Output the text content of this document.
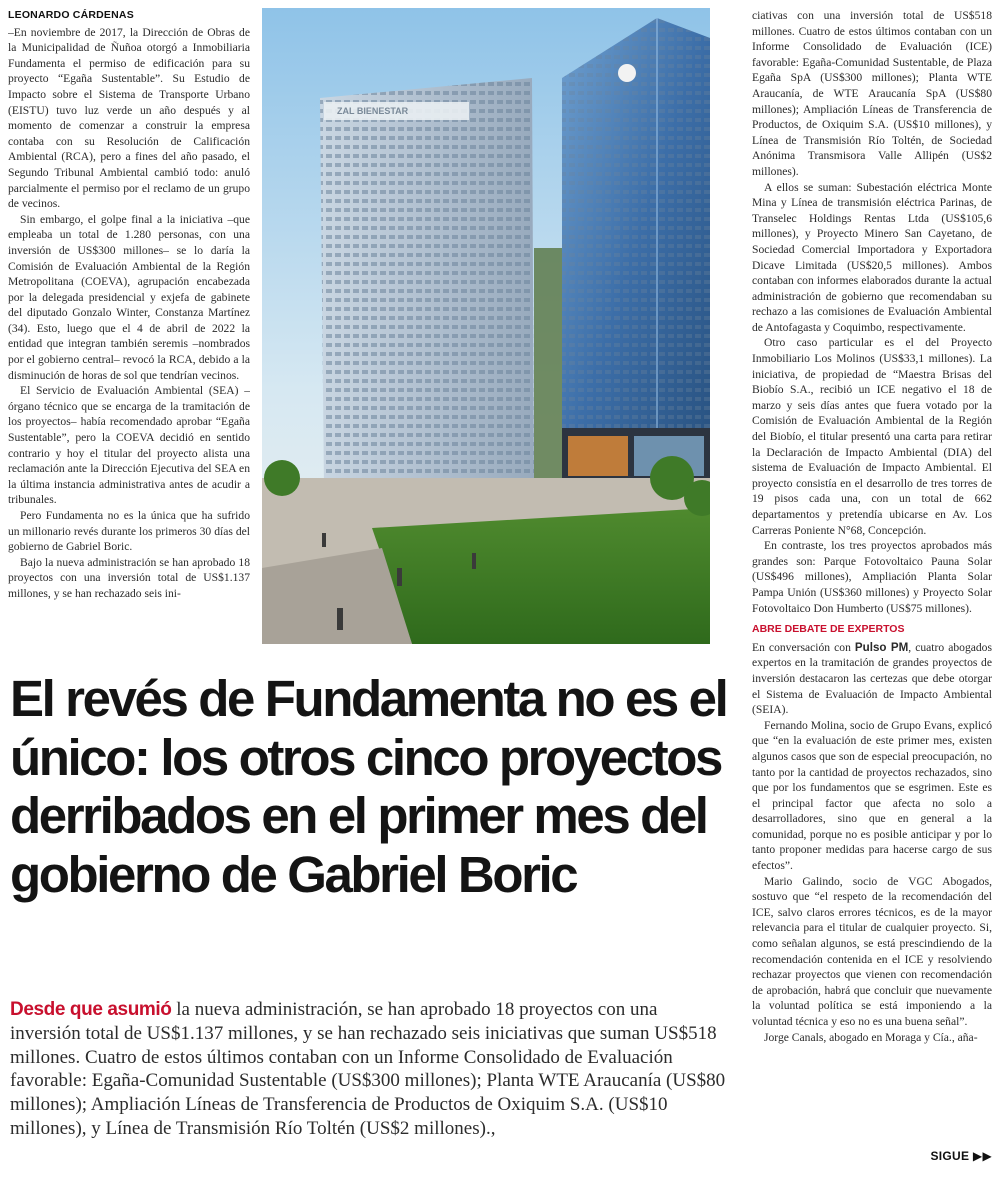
LEONARDO CÁRDENAS

–En noviembre de 2017, la Dirección de Obras de la Municipalidad de Ñuñoa otorgó a Inmobiliaria Fundamenta el permiso de edificación para su proyecto “Egaña Sustentable”. Su Estudio de Impacto sobre el Sistema de Transporte Urbano (EISTU) tuvo luz verde un año después y al momento de comenzar a construir la empresa contaba con su Resolución de Calificación Ambiental (RCA), pero a fines del año pasado, el Segundo Tribunal Ambiental cambió todo: anuló parcialmente el permiso por el reclamo de un grupo de vecinos.

Sin embargo, el golpe final a la iniciativa –que empleaba un total de 1.280 personas, con una inversión de US$300 millones– se lo daría la Comisión de Evaluación Ambiental de la Región Metropolitana (COEVA), agrupación encabezada por la delegada presidencial y exjefa de gabinete del diputado Gonzalo Winter, Constanza Martínez (34). Esto, luego que el 4 de abril de 2022 la entidad que integran también seremis –nombrados por el gobierno central– revocó la RCA, debido a la disminución de horas de sol que tendrían vecinos.

El Servicio de Evaluación Ambiental (SEA) –órgano técnico que se encarga de la tramitación de los proyectos– había recomendado aprobar “Egaña Sustentable”, pero la COEVA decidió en sentido contrario y hoy el titular del proyecto alista una reclamación ante la Dirección Ejecutiva del SEA en la última instancia administrativa antes de acudir a tribunales.

Pero Fundamenta no es la única que ha sufrido un millonario revés durante los primeros 30 días del gobierno de Gabriel Boric.

Bajo la nueva administración se han aprobado 18 proyectos con una inversión total de US$1.137 millones, y se han rechazado seis ini-

ZAL BIENESTAR

ciativas con una inversión total de US$518 millones. Cuatro de estos últimos contaban con un Informe Consolidado de Evaluación (ICE) favorable: Egaña-Comunidad Sustentable, de Plaza Egaña SpA (US$300 millones); Planta WTE Araucanía, de WTE Araucanía SpA (US$80 millones); Ampliación Líneas de Transferencia de Productos, de Oxiquim S.A. (US$10 millones), y Línea de Transmisión Río Toltén, de Sociedad Anónima Transmisora Valle Allipén (US$2 millones).

A ellos se suman: Subestación eléctrica Monte Mina y Línea de transmisión eléctrica Parinas, de Transelec Holdings Rentas Ltda (US$105,6 millones), y Proyecto Minero San Cayetano, de Sociedad Comercial Importadora y Exportadora Dicave Limitada (US$20,5 millones). Ambos contaban con informes elaborados durante la actual administración de gobierno que recomendaban su rechazo a las comisiones de Evaluación Ambiental de Antofagasta y Coquimbo, respectivamente.

Otro caso particular es el del Proyecto Inmobiliario Los Molinos (US$33,1 millones). La iniciativa, de propiedad de “Maestra Brisas del Biobío S.A., recibió un ICE negativo el 18 de marzo y seis días antes que fuera votado por la Comisión de Evaluación Ambiental de la Región del Biobío, el titular presentó una carta para retirar la Declaración de Impacto Ambiental (DIA) del sistema de Evaluación de Impacto Ambiental. El proyecto consistía en el desarrollo de tres torres de 19 pisos cada una, con un total de 662 departamentos y pretendía ubicarse en Av. Los Carreras Poniente N°68, Concepción.

En contraste, los tres proyectos aprobados más grandes son: Parque Fotovoltaico Pauna Solar (US$496 millones), Ampliación Planta Solar Pampa Unión (US$360 millones) y Proyecto Solar Fotovoltaico Don Humberto (US$75 millones).

ABRE DEBATE DE EXPERTOS

En conversación con Pulso PM, cuatro abogados expertos en la tramitación de grandes proyectos de inversión destacaron las certezas que debe otorgar el Sistema de Evaluación de Impacto Ambiental (SEIA).

Fernando Molina, socio de Grupo Evans, explicó que “en la evaluación de este primer mes, existen algunos casos que son de especial preocupación, no tanto por la cantidad de proyectos rechazados, sino que por los fundamentos que se esgrimen. Este es el principal factor que afecta no solo a desarrolladores, sino que en general a la comunidad, porque no es posible anticipar y por lo tanto proponer medidas para hacerse cargo de sus efectos”.

Mario Galindo, socio de VGC Abogados, sostuvo que “el respeto de la recomendación del ICE, salvo claros errores técnicos, es de la mayor relevancia para el titular de cualquier proyecto. Si, como señalan algunos, se está prescindiendo de la recomendación contenida en el ICE y resolviendo rechazar proyectos que vienen con recomendación de aprobación, habrá que concluir que nuevamente la voluntad política se está imponiendo a la voluntad técnica y eso no es una buena señal”.

Jorge Canals, abogado en Moraga y Cía., aña-

El revés de Fundamenta no es el único: los otros cinco proyectos derribados en el primer mes del gobierno de Gabriel Boric
Desde que asumió la nueva administración, se han aprobado 18 proyectos con una inversión total de US$1.137 millones, y se han rechazado seis iniciativas que suman US$518 millones. Cuatro de estos últimos contaban con un Informe Consolidado de Evaluación favorable: Egaña-Comunidad Sustentable (US$300 millones); Planta WTE Araucanía (US$80 millones); Ampliación Líneas de Transferencia de Productos de Oxiquim S.A. (US$10 millones), y Línea de Transmisión Río Toltén (US$2 millones).,
SIGUE ▶▶
